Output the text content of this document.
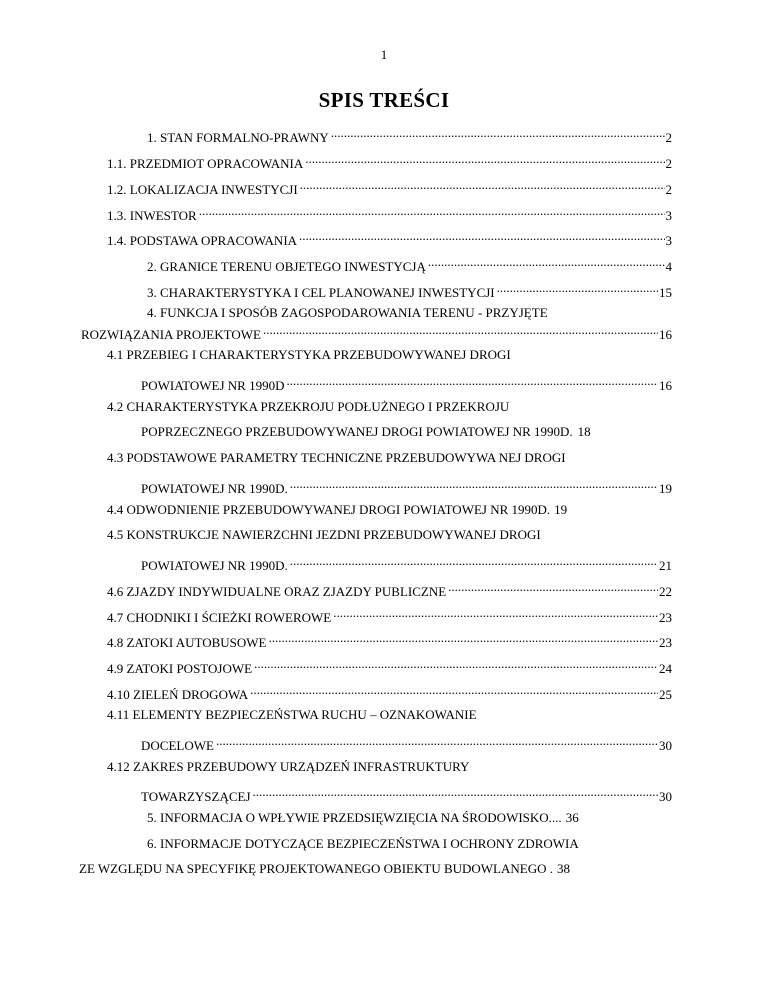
1
SPIS TREŚCI
1. STAN FORMALNO-PRAWNY .....	2
1.1. PRZEDMIOT OPRACOWANIA .....	2
1.2. LOKALIZACJA INWESTYCJI .....	2
1.3. INWESTOR .....	3
1.4. PODSTAWA OPRACOWANIA .....	3
2. GRANICE TERENU OBJETEGO INWESTYCJĄ .....	4
3. CHARAKTERYSTYKA I CEL PLANOWANEJ INWESTYCJI .....	15
4. FUNKCJA I SPOSÓB ZAGOSPODAROWANIA TERENU - PRZYJĘTE
ROZWIĄZANIA PROJEKTOWE .....	16
4.1 PRZEBIEG I CHARAKTERYSTYKA PRZEBUDOWYWANEJ DROGI
POWIATOWEJ NR 1990D .....	16
4.2 CHARAKTERYSTYKA PRZEKROJU PODŁUŻNEGO I PRZEKROJU
POPRZECZNEGO PRZEBUDOWYWANEJ DROGI POWIATOWEJ NR 1990D. 18
4.3 PODSTAWOWE PARAMETRY TECHNICZNE PRZEBUDOWYWA NEJ DROGI
POWIATOWEJ NR 1990D. .....	19
4.4 ODWODNIENIE PRZEBUDOWYWANEJ DROGI POWIATOWEJ NR 1990D. 19
4.5 KONSTRUKCJE NAWIERZCHNI JEZDNI PRZEBUDOWYWANEJ DROGI
POWIATOWEJ NR 1990D. .....	21
4.6 ZJAZDY INDYWIDUALNE ORAZ ZJAZDY PUBLICZNE .....	22
4.7 CHODNIKI I ŚCIEŻKI ROWEROWE .....	23
4.8 ZATOKI AUTOBUSOWE .....	23
4.9 ZATOKI POSTOJOWE .....	24
4.10 ZIELEŃ DROGOWA .....	25
4.11 ELEMENTY BEZPIECZEŃSTWA RUCHU – OZNAKOWANIE
DOCELOWE .....	30
4.12 ZAKRES PRZEBUDOWY URZĄDZEŃ INFRASTRUKTURY
TOWARZYSZĄCEJ .....	30
5. INFORMACJA O WPŁYWIE PRZEDSIĘWZIĘCIA NA ŚRODOWISKO.... 36
6. INFORMACJE DOTYCZĄCE BEZPIECZEŃSTWA I OCHRONY ZDROWIA
ZE WZGLĘDU NA SPECYFIKĘ PROJEKTOWANEGO OBIEKTU BUDOWLANEGO . 38
